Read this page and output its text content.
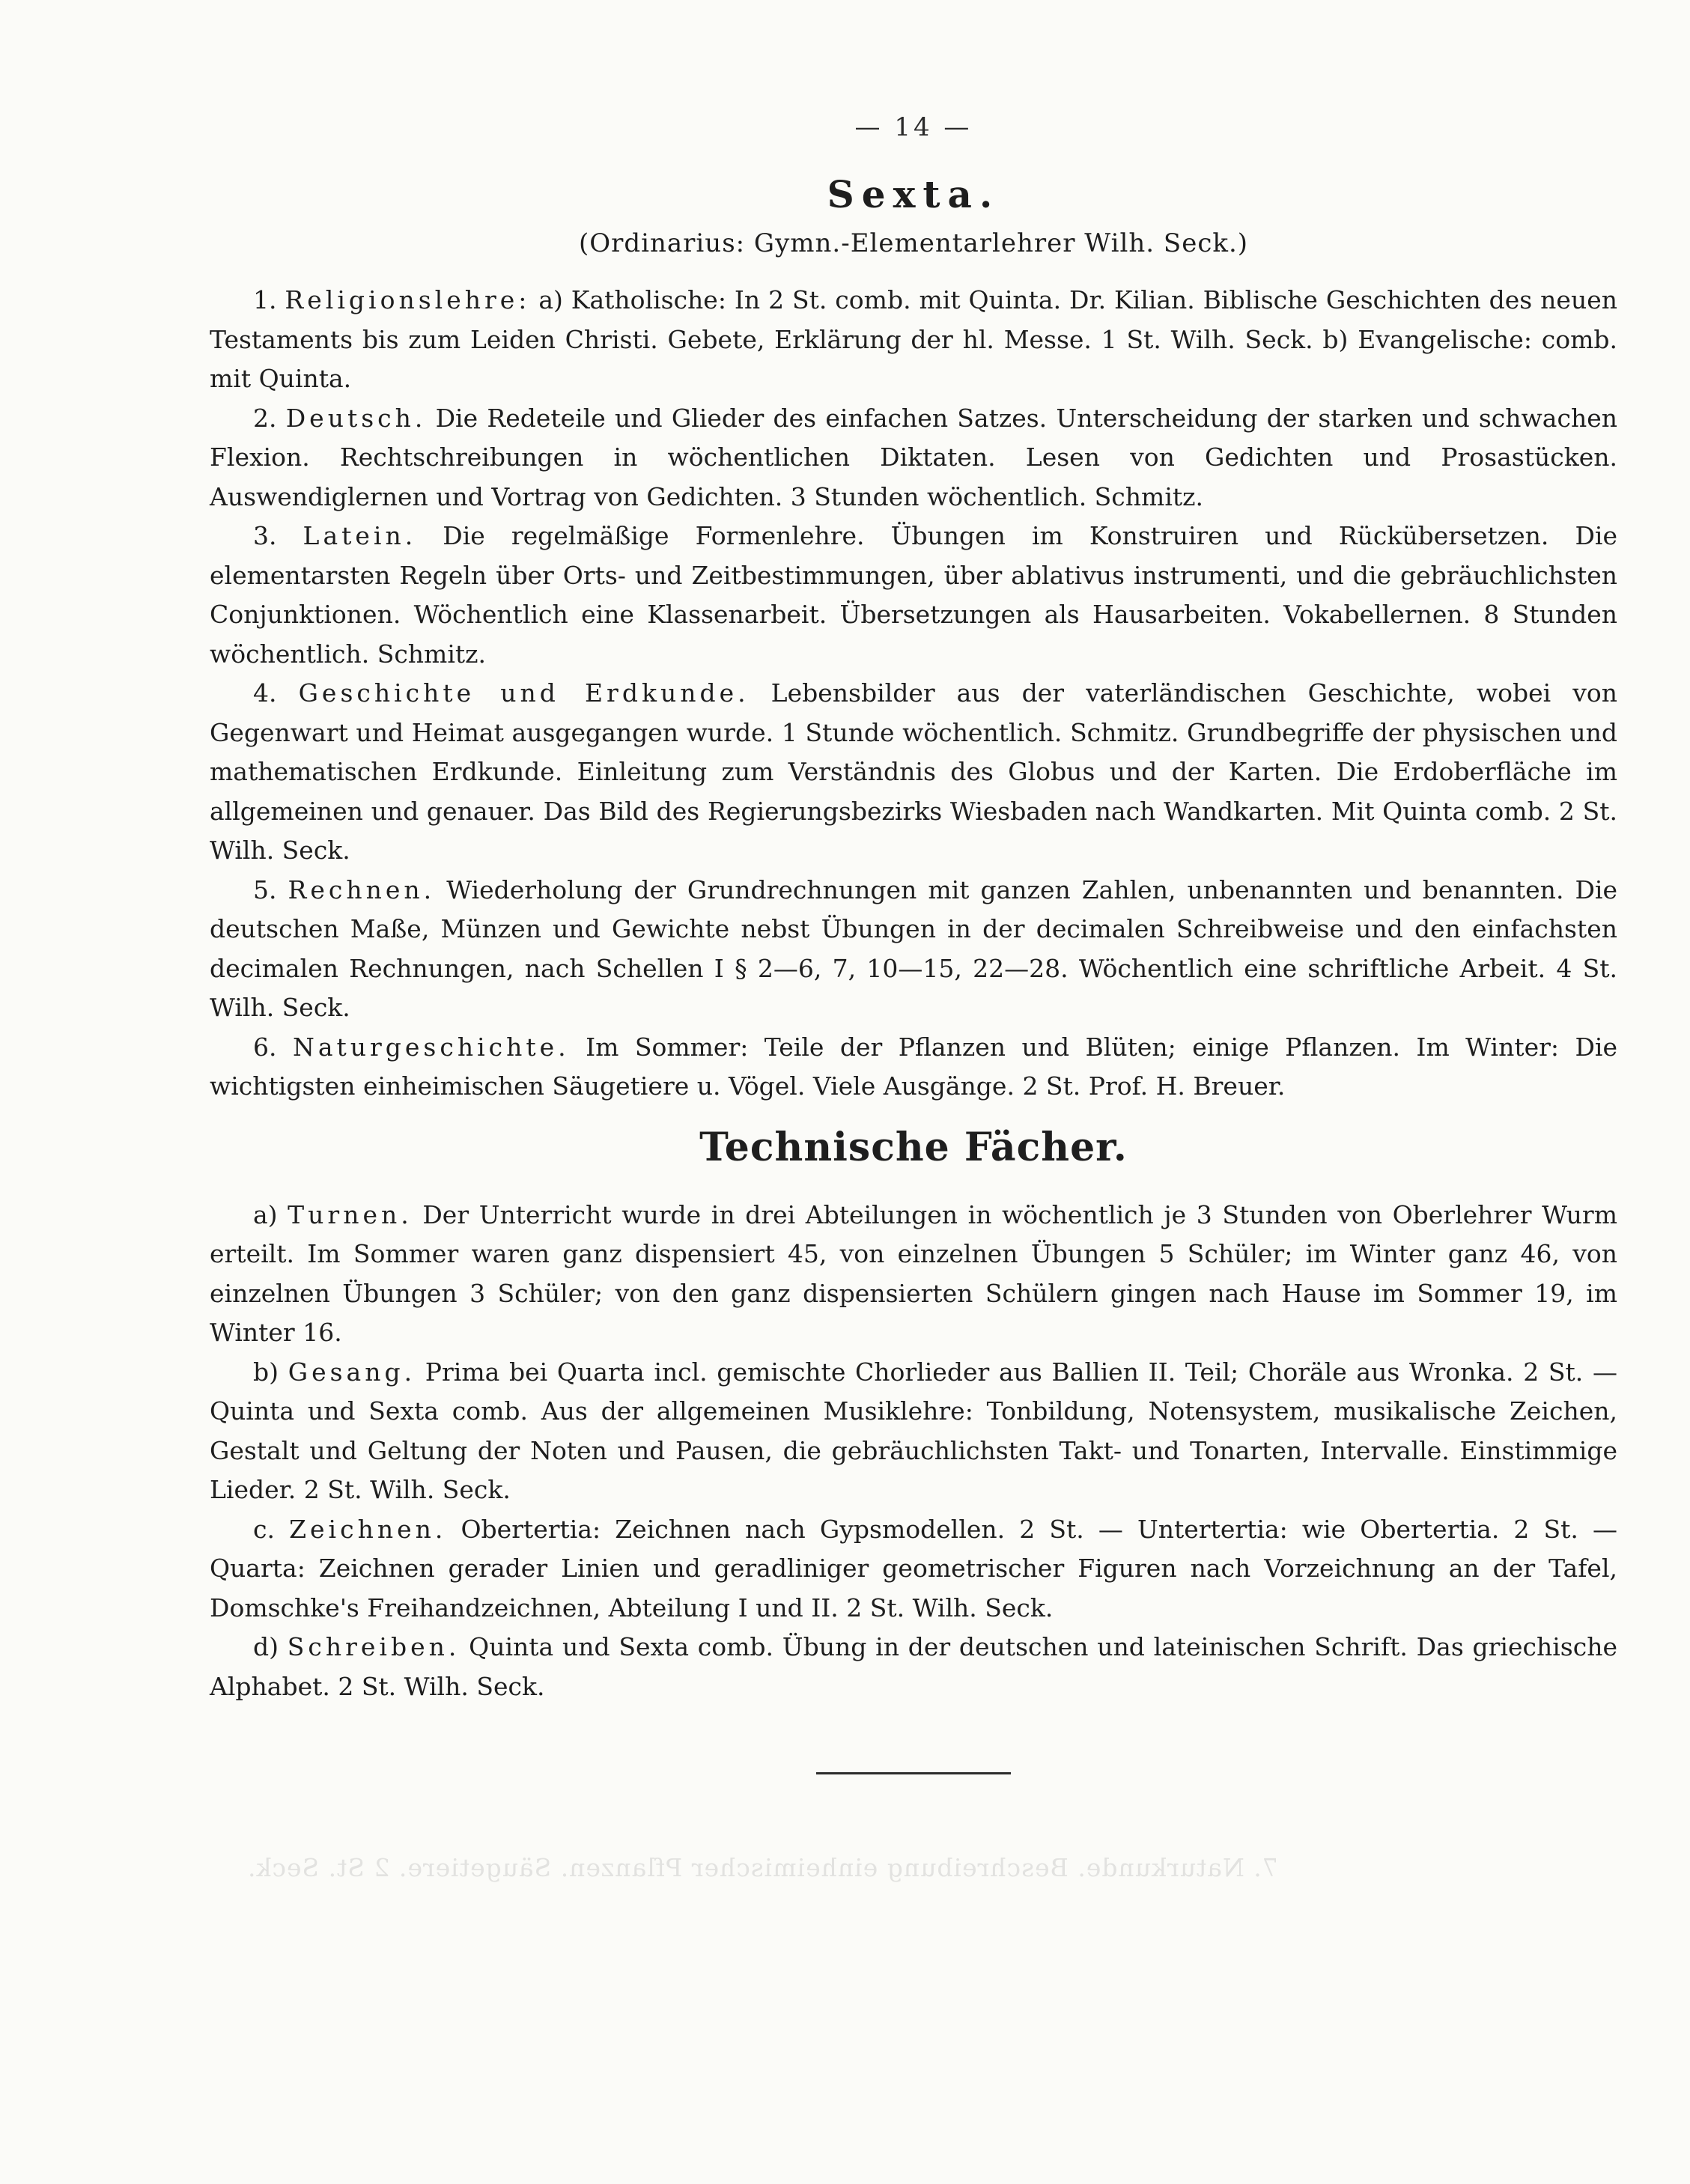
— 14 —
Sexta.
(Ordinarius: Gymn.-Elementarlehrer Wilh. Seck.)

1. Religionslehre: a) Katholische: In 2 St. comb. mit Quinta. Dr. Kilian. Biblische Geschichten des neuen Testaments bis zum Leiden Christi. Gebete, Erklärung der hl. Messe. 1 St. Wilh. Seck. b) Evangelische: comb. mit Quinta.

2. Deutsch. Die Redeteile und Glieder des einfachen Satzes. Unterscheidung der starken und schwachen Flexion. Rechtschreibungen in wöchentlichen Diktaten. Lesen von Gedichten und Prosastücken. Auswendiglernen und Vortrag von Gedichten. 3 Stunden wöchentlich. Schmitz.

3. Latein. Die regelmäßige Formenlehre. Übungen im Konstruiren und Rückübersetzen. Die elementarsten Regeln über Orts- und Zeitbestimmungen, über ablativus instrumenti, und die gebräuchlichsten Conjunktionen. Wöchentlich eine Klassenarbeit. Übersetzungen als Hausarbeiten. Vokabellernen. 8 Stunden wöchentlich. Schmitz.

4. Geschichte und Erdkunde. Lebensbilder aus der vaterländischen Geschichte, wobei von Gegenwart und Heimat ausgegangen wurde. 1 Stunde wöchentlich. Schmitz. Grundbegriffe der physischen und mathematischen Erdkunde. Einleitung zum Verständnis des Globus und der Karten. Die Erdoberfläche im allgemeinen und genauer. Das Bild des Regierungsbezirks Wiesbaden nach Wandkarten. Mit Quinta comb. 2 St. Wilh. Seck.

5. Rechnen. Wiederholung der Grundrechnungen mit ganzen Zahlen, unbenannten und benannten. Die deutschen Maße, Münzen und Gewichte nebst Übungen in der decimalen Schreibweise und den einfachsten decimalen Rechnungen, nach Schellen I § 2—6, 7, 10—15, 22—28. Wöchentlich eine schriftliche Arbeit. 4 St. Wilh. Seck.

6. Naturgeschichte. Im Sommer: Teile der Pflanzen und Blüten; einige Pflanzen. Im Winter: Die wichtigsten einheimischen Säugetiere u. Vögel. Viele Ausgänge. 2 St. Prof. H. Breuer.

Technische Fächer.

a) Turnen. Der Unterricht wurde in drei Abteilungen in wöchentlich je 3 Stunden von Oberlehrer Wurm erteilt. Im Sommer waren ganz dispensiert 45, von einzelnen Übungen 5 Schüler; im Winter ganz 46, von einzelnen Übungen 3 Schüler; von den ganz dispensierten Schülern gingen nach Hause im Sommer 19, im Winter 16.

b) Gesang. Prima bei Quarta incl. gemischte Chorlieder aus Ballien II. Teil; Choräle aus Wronka. 2 St. — Quinta und Sexta comb. Aus der allgemeinen Musiklehre: Tonbildung, Notensystem, musikalische Zeichen, Gestalt und Geltung der Noten und Pausen, die gebräuchlichsten Takt- und Tonarten, Intervalle. Einstimmige Lieder. 2 St. Wilh. Seck.

c. Zeichnen. Obertertia: Zeichnen nach Gypsmodellen. 2 St. — Untertertia: wie Obertertia. 2 St. — Quarta: Zeichnen gerader Linien und geradliniger geometrischer Figuren nach Vorzeichnung an der Tafel, Domschke's Freihandzeichnen, Abteilung I und II. 2 St. Wilh. Seck.

d) Schreiben. Quinta und Sexta comb. Übung in der deutschen und lateinischen Schrift. Das griechische Alphabet. 2 St. Wilh. Seck.

7. Naturkunde. Beschreibung einheimischer Pflanzen. Säugetiere. 2 St. Seck.
